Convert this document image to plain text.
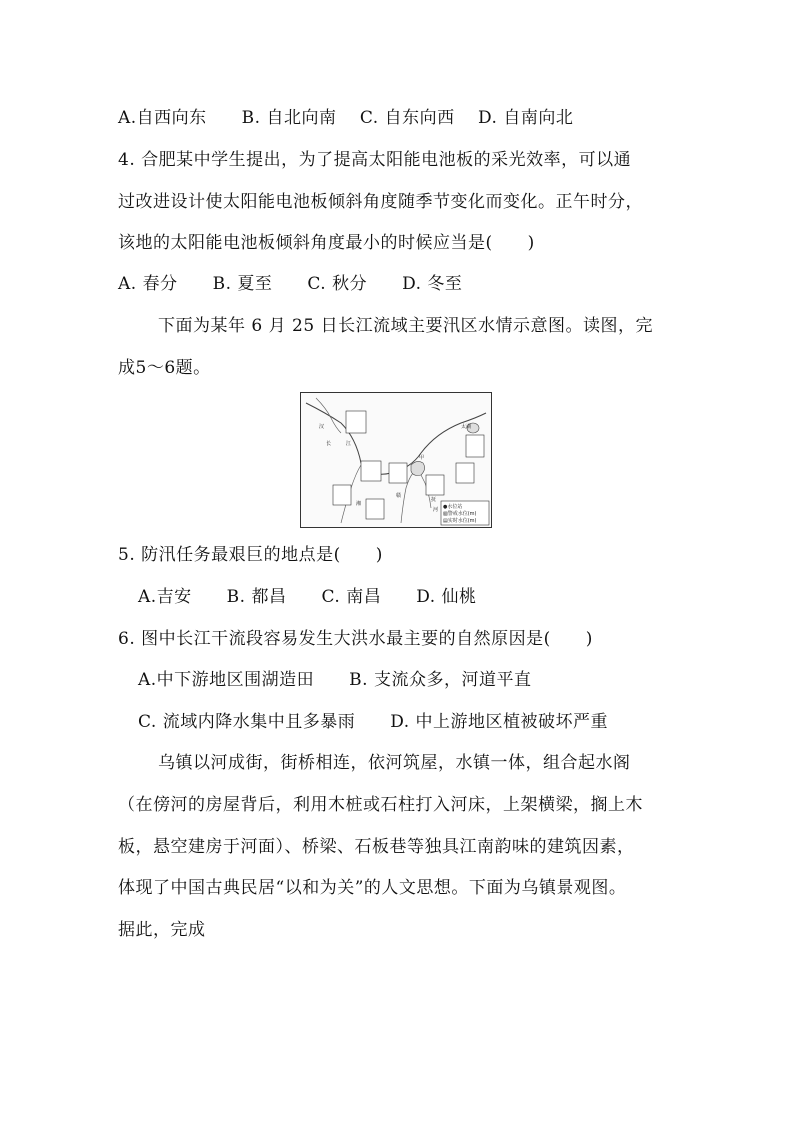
A.自西向东　　B. 自北向南　 C. 自东向西　 D. 自南向北
4. 合肥某中学生提出，为了提高太阳能电池板的采光效率，可以通
过改进设计使太阳能电池板倾斜角度随季节变化而变化。正午时分，
该地的太阳能电池板倾斜角度最小的时候应当是(　　)
A. 春分　　B. 夏至　　C. 秋分　　D. 冬至
下面为某年 6 月 25 日长江流域主要汛区水情示意图。读图，完
成5～6题。
●水位站
▧警戒水位(m)
▤实时水位(m)
太湖
汉
长	江
甲
湘
赣
抚
河
5. 防汛任务最艰巨的地点是(　　)
A.吉安　　B. 都昌　　C. 南昌　　D. 仙桃
6. 图中长江干流段容易发生大洪水最主要的自然原因是(　　)
A.中下游地区围湖造田　　B. 支流众多，河道平直
C. 流域内降水集中且多暴雨　　D. 中上游地区植被破坏严重
乌镇以河成街，街桥相连，依河筑屋，水镇一体，组合起水阁
（在傍河的房屋背后，利用木桩或石柱打入河床，上架横梁，搁上木
板，悬空建房于河面）、桥梁、石板巷等独具江南韵味的建筑因素，
体现了中国古典民居“以和为关”的人文思想。下面为乌镇景观图。
据此，完成
